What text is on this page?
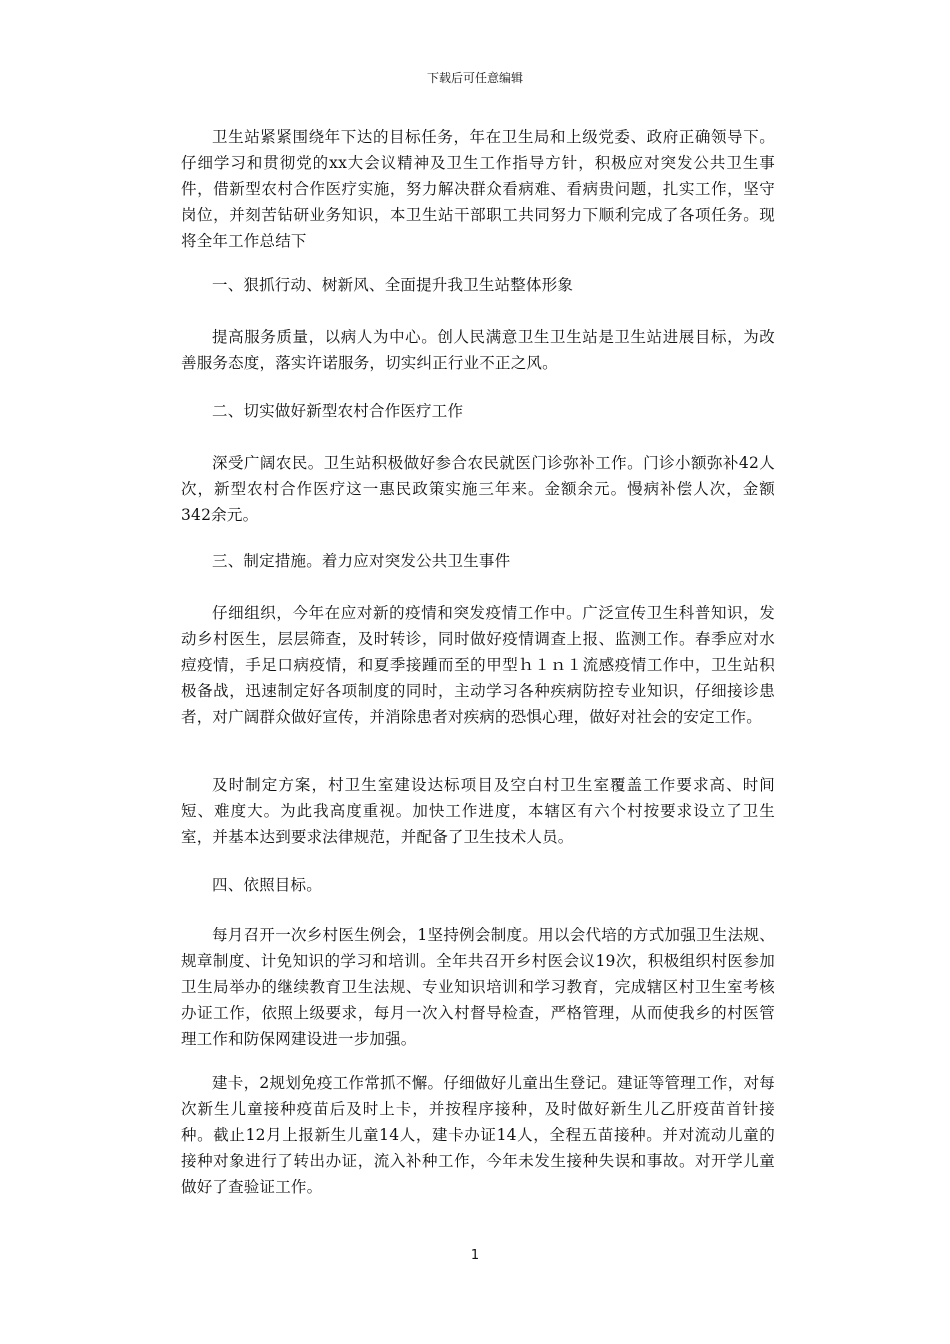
下载后可任意编辑

卫生站紧紧围绕年下达的目标任务，年在卫生局和上级党委、政府正确领导下。仔细学习和贯彻党的xx大会议精神及卫生工作指导方针，积极应对突发公共卫生事件，借新型农村合作医疗实施，努力解决群众看病难、看病贵问题，扎实工作，坚守岗位，并刻苦钻研业务知识，本卫生站干部职工共同努力下顺利完成了各项任务。现将全年工作总结下

一、狠抓行动、树新风、全面提升我卫生站整体形象

提高服务质量，以病人为中心。创人民满意卫生卫生站是卫生站进展目标，为改善服务态度，落实许诺服务，切实纠正行业不正之风。

二、切实做好新型农村合作医疗工作

深受广阔农民。卫生站积极做好参合农民就医门诊弥补工作。门诊小额弥补42人次，新型农村合作医疗这一惠民政策实施三年来。金额余元。慢病补偿人次，金额342余元。

三、制定措施。着力应对突发公共卫生事件

仔细组织，今年在应对新的疫情和突发疫情工作中。广泛宣传卫生科普知识，发动乡村医生，层层筛查，及时转诊，同时做好疫情调查上报、监测工作。春季应对水痘疫情，手足口病疫情，和夏季接踵而至的甲型ｈ１ｎ１流感疫情工作中，卫生站积极备战，迅速制定好各项制度的同时，主动学习各种疾病防控专业知识，仔细接诊患者，对广阔群众做好宣传，并消除患者对疾病的恐惧心理，做好对社会的安定工作。

及时制定方案，村卫生室建设达标项目及空白村卫生室覆盖工作要求高、时间短、难度大。为此我高度重视。加快工作进度，本辖区有六个村按要求设立了卫生室，并基本达到要求法律规范，并配备了卫生技术人员。

四、依照目标。

每月召开一次乡村医生例会，1坚持例会制度。用以会代培的方式加强卫生法规、规章制度、计免知识的学习和培训。全年共召开乡村医会议19次，积极组织村医参加卫生局举办的继续教育卫生法规、专业知识培训和学习教育，完成辖区村卫生室考核办证工作，依照上级要求，每月一次入村督导检查，严格管理，从而使我乡的村医管理工作和防保网建设进一步加强。

建卡，2规划免疫工作常抓不懈。仔细做好儿童出生登记。建证等管理工作，对每次新生儿童接种疫苗后及时上卡，并按程序接种，及时做好新生儿乙肝疫苗首针接种。截止12月上报新生儿童14人，建卡办证14人，全程五苗接种。并对流动儿童的接种对象进行了转出办证，流入补种工作，今年未发生接种失误和事故。对开学儿童做好了查验证工作。

1
